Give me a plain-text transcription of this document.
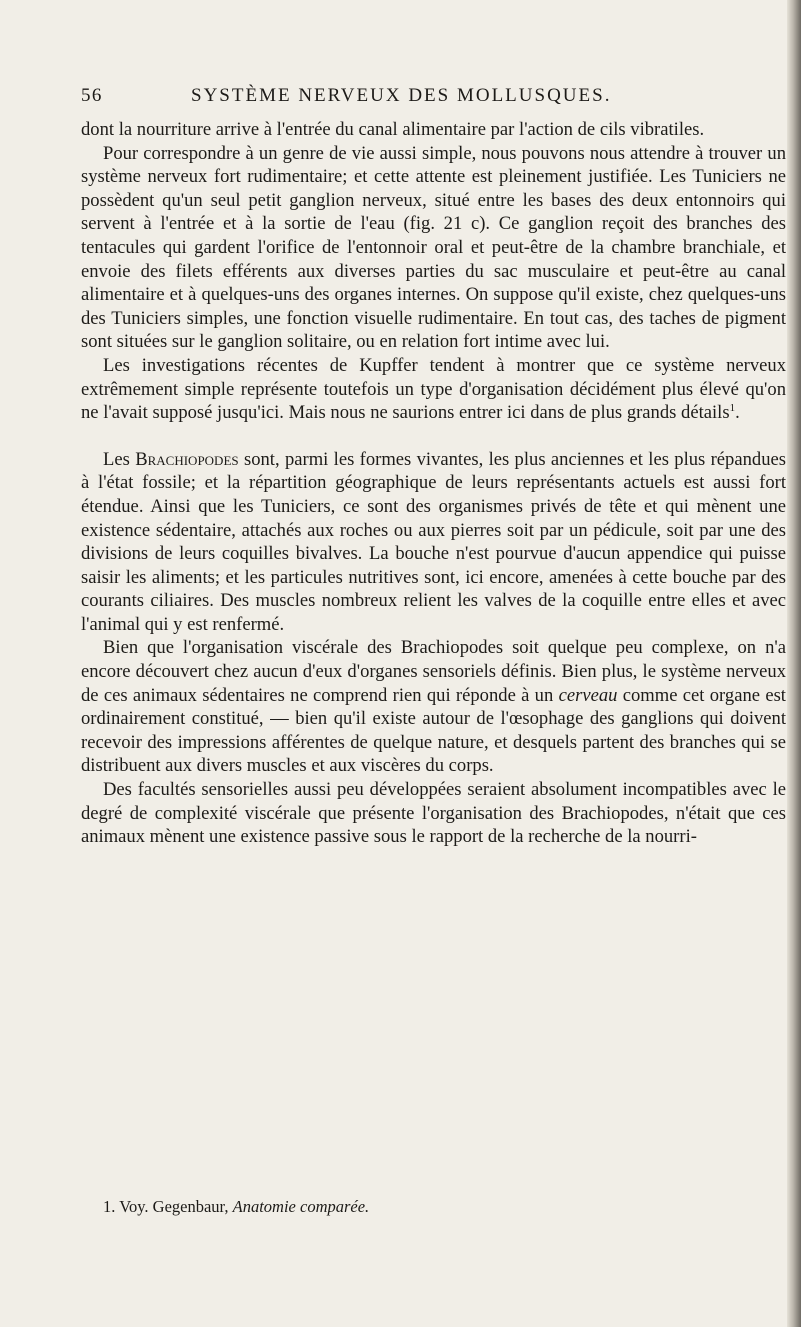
56	SYSTÈME NERVEUX DES MOLLUSQUES.

dont la nourriture arrive à l'entrée du canal alimentaire par l'action de cils vibratiles.

Pour correspondre à un genre de vie aussi simple, nous pouvons nous attendre à trouver un système nerveux fort rudimentaire; et cette attente est pleinement justifiée. Les Tuniciers ne possèdent qu'un seul petit ganglion nerveux, situé entre les bases des deux entonnoirs qui servent à l'entrée et à la sortie de l'eau (fig. 21 c). Ce ganglion reçoit des branches des tentacules qui gardent l'orifice de l'entonnoir oral et peut-être de la chambre branchiale, et envoie des filets efférents aux diverses parties du sac musculaire et peut-être au canal alimentaire et à quelques-uns des organes internes. On suppose qu'il existe, chez quelques-uns des Tuniciers simples, une fonction visuelle rudimentaire. En tout cas, des taches de pigment sont situées sur le ganglion solitaire, ou en relation fort intime avec lui.

Les investigations récentes de Kupffer tendent à montrer que ce système nerveux extrêmement simple représente toutefois un type d'organisation décidément plus élevé qu'on ne l'avait supposé jusqu'ici. Mais nous ne saurions entrer ici dans de plus grands détails$^1$.

Les Brachiopodes sont, parmi les formes vivantes, les plus anciennes et les plus répandues à l'état fossile; et la répartition géographique de leurs représentants actuels est aussi fort étendue. Ainsi que les Tuniciers, ce sont des organismes privés de tête et qui mènent une existence sédentaire, attachés aux roches ou aux pierres soit par un pédicule, soit par une des divisions de leurs coquilles bivalves. La bouche n'est pourvue d'aucun appendice qui puisse saisir les aliments; et les particules nutritives sont, ici encore, amenées à cette bouche par des courants ciliaires. Des muscles nombreux relient les valves de la coquille entre elles et avec l'animal qui y est renfermé.

Bien que l'organisation viscérale des Brachiopodes soit quelque peu complexe, on n'a encore découvert chez aucun d'eux d'organes sensoriels définis. Bien plus, le système nerveux de ces animaux sédentaires ne comprend rien qui réponde à un cerveau comme cet organe est ordinairement constitué, — bien qu'il existe autour de l'œsophage des ganglions qui doivent recevoir des impressions afférentes de quelque nature, et desquels partent des branches qui se distribuent aux divers muscles et aux viscères du corps.

Des facultés sensorielles aussi peu développées seraient absolument incompatibles avec le degré de complexité viscérale que présente l'organisation des Brachiopodes, n'était que ces animaux mènent une existence passive sous le rapport de la recherche de la nourri-

1. Voy. Gegenbaur, Anatomie comparée.
